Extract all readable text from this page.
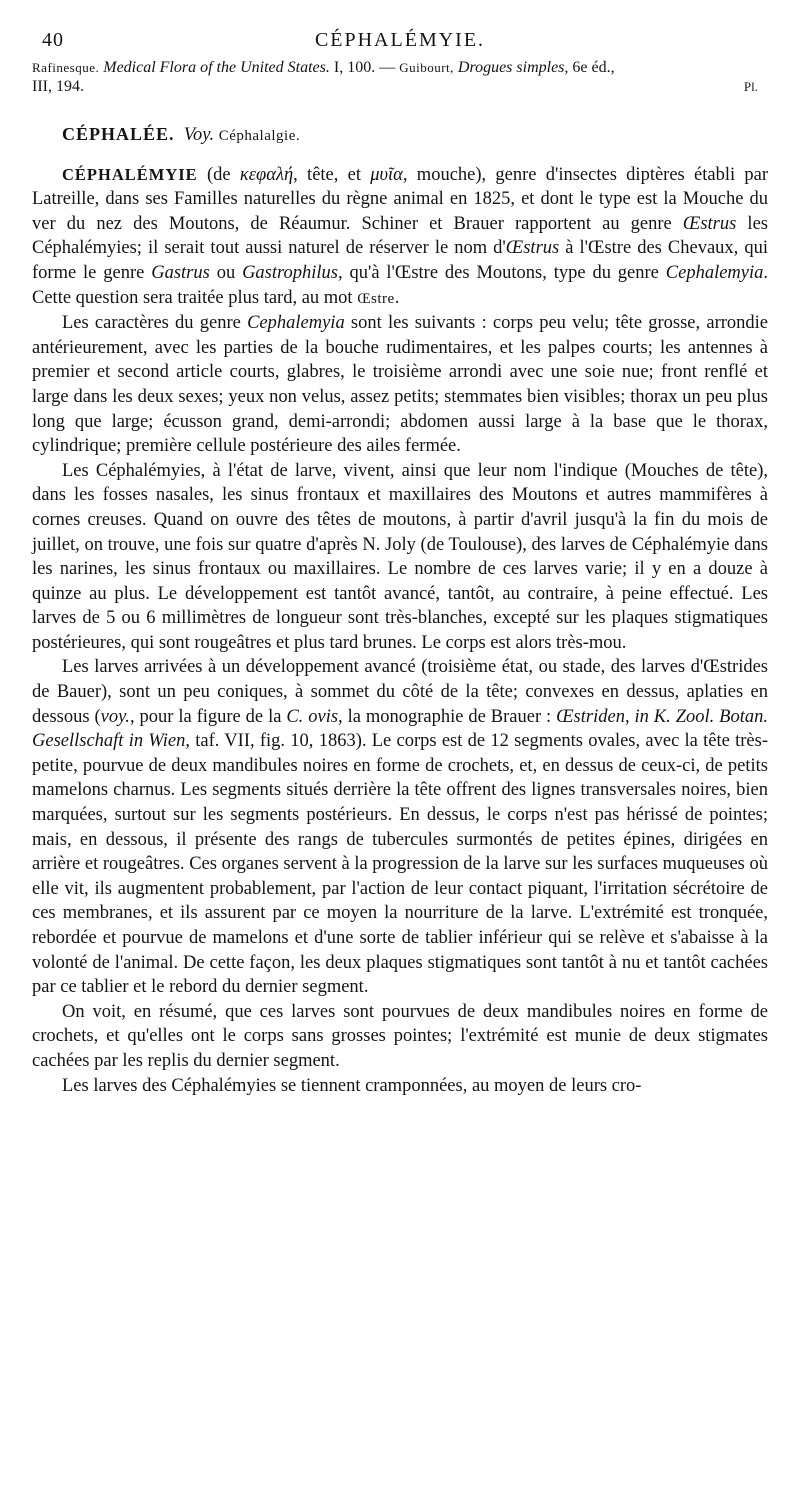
40	CÉPHALÉMYIE.
Rafinesque. Medical Flora of the United States. I, 100. — Guibourt, Drogues simples, 6e éd.,
III, 194.	Pl.
CÉPHALÉE. Voy. Céphalalgie.

CÉPHALÉMYIE (de κεφαλή, tête, et μυῖα, mouche), genre d'insectes diptères établi par Latreille, dans ses Familles naturelles du règne animal en 1825, et dont le type est la Mouche du ver du nez des Moutons, de Réaumur. Schiner et Brauer rapportent au genre Œstrus les Céphalémyies; il serait tout aussi naturel de réserver le nom d'Œstrus à l'Œstre des Chevaux, qui forme le genre Gastrus ou Gastrophilus, qu'à l'Œstre des Moutons, type du genre Cephalemyia. Cette question sera traitée plus tard, au mot Œstre.

Les caractères du genre Cephalemyia sont les suivants : corps peu velu; tête grosse, arrondie antérieurement, avec les parties de la bouche rudimentaires, et les palpes courts; les antennes à premier et second article courts, glabres, le troisième arrondi avec une soie nue; front renflé et large dans les deux sexes; yeux non velus, assez petits; stemmates bien visibles; thorax un peu plus long que large; écusson grand, demi-arrondi; abdomen aussi large à la base que le thorax, cylindrique; première cellule postérieure des ailes fermée.

Les Céphalémyies, à l'état de larve, vivent, ainsi que leur nom l'indique (Mouches de tête), dans les fosses nasales, les sinus frontaux et maxillaires des Moutons et autres mammifères à cornes creuses. Quand on ouvre des têtes de moutons, à partir d'avril jusqu'à la fin du mois de juillet, on trouve, une fois sur quatre d'après N. Joly (de Toulouse), des larves de Céphalémyie dans les narines, les sinus frontaux ou maxillaires. Le nombre de ces larves varie; il y en a douze à quinze au plus. Le développement est tantôt avancé, tantôt, au contraire, à peine effectué. Les larves de 5 ou 6 millimètres de longueur sont très-blanches, excepté sur les plaques stigmatiques postérieures, qui sont rougeâtres et plus tard brunes. Le corps est alors très-mou.

Les larves arrivées à un développement avancé (troisième état, ou stade, des larves d'Œstrides de Bauer), sont un peu coniques, à sommet du côté de la tête; convexes en dessus, aplaties en dessous (voy., pour la figure de la C. ovis, la monographie de Brauer : Œstriden, in K. Zool. Botan. Gesellschaft in Wien, taf. VII, fig. 10, 1863). Le corps est de 12 segments ovales, avec la tête très-petite, pourvue de deux mandibules noires en forme de crochets, et, en dessus de ceux-ci, de petits mamelons charnus. Les segments situés derrière la tête offrent des lignes transversales noires, bien marquées, surtout sur les segments postérieurs. En dessus, le corps n'est pas hérissé de pointes; mais, en dessous, il présente des rangs de tubercules surmontés de petites épines, dirigées en arrière et rougeâtres. Ces organes servent à la progression de la larve sur les surfaces muqueuses où elle vit, ils augmentent probablement, par l'action de leur contact piquant, l'irritation sécrétoire de ces membranes, et ils assurent par ce moyen la nourriture de la larve. L'extrémité est tronquée, rebordée et pourvue de mamelons et d'une sorte de tablier inférieur qui se relève et s'abaisse à la volonté de l'animal. De cette façon, les deux plaques stigmatiques sont tantôt à nu et tantôt cachées par ce tablier et le rebord du dernier segment.

On voit, en résumé, que ces larves sont pourvues de deux mandibules noires en forme de crochets, et qu'elles ont le corps sans grosses pointes; l'extrémité est munie de deux stigmates cachées par les replis du dernier segment.

Les larves des Céphalémyies se tiennent cramponnées, au moyen de leurs cro-
